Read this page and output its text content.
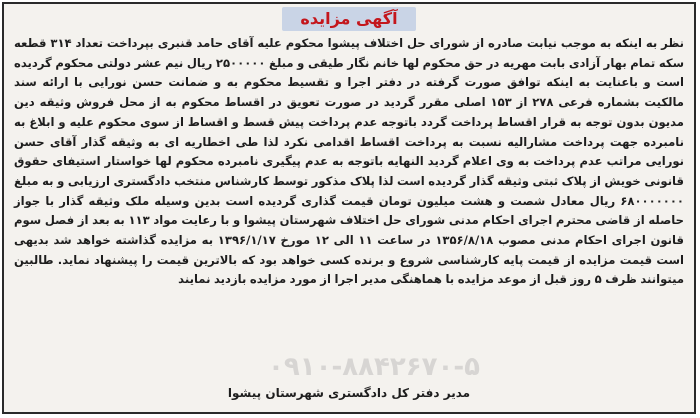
آگهی مزایده
نظر به اینکه به موجب نیابت صادره از شورای حل اختلاف پیشوا محکوم علیه آقای حامد قنبری بپرداخت تعداد ۳۱۴ قطعه سکه تمام بهار آزادی بابت مهریه در حق محکوم لها خانم نگار طیقی و مبلغ ۲۵۰۰۰۰۰ ریال نیم عشر دولتی محکوم گردیده است و باعنایت به اینکه توافق صورت گرفته در دفتر اجرا و تقسیط محکوم به و ضمانت حسن نورایی با ارائه سند مالکیت بشماره فرعی ۲۷۸ از ۱۵۳ اصلی مقرر گردید در صورت تعویق در اقساط محکوم به از محل فروش وثیقه دین مدیون بدون توجه به قرار اقساط پرداخت گردد باتوجه عدم پرداخت پیش قسط و اقساط از سوی محکوم علیه و ابلاغ به نامبرده جهت پرداخت مشارالیه نسبت به پرداخت اقساط اقدامی نکرد لذا طی اخطاریه ای به وثیقه گذار آقای حسن نورایی مراتب عدم پرداخت به وی اعلام گردید النهایه باتوجه به عدم پیگیری نامبرده محکوم لها خواستار استیفای حقوق قانونی خویش از پلاک ثبتی وثیقه گذار گردیده است لذا پلاک مذکور توسط کارشناس منتخب دادگستری ارزیابی و به مبلغ ۶۸۰۰۰۰۰۰۰ ریال معادل شصت و هشت میلیون تومان قیمت گذاری گردیده است بدین وسیله ملک وثیقه گذار با جواز حاصله از قاضی محترم اجرای احکام مدنی شورای حل اختلاف شهرستان پیشوا و با رعایت مواد ۱۱۳ به بعد از فصل سوم قانون اجرای احکام مدنی مصوب ۱۳۵۶/۸/۱۸ در ساعت ۱۱ الی ۱۲ مورخ ۱۳۹۶/۱/۱۷ به مزایده گذاشته خواهد شد بدیهی است قیمت مزایده از قیمت پایه کارشناسی شروع و برنده کسی خواهد بود که بالاترین قیمت را پیشنهاد نماید. طالبین میتوانند ظرف ۵ روز قبل از موعد مزایده با هماهنگی مدیر اجرا از مورد مزایده بازدید نمایند
۰۹۱۰-۸۸۴۲۶۷۰-۵
مدیر دفتر کل دادگستری شهرستان پیشوا
